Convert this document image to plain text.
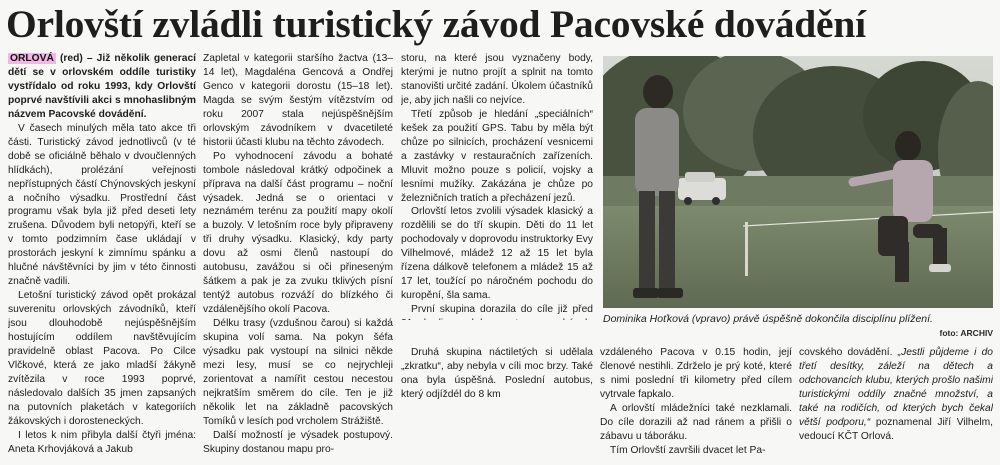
Orlovští zvládli turistický závod Pacovské dovádění

ORLOVÁ (red) – Již několik generací dětí se v orlovském oddíle turistiky vystřídalo od roku 1993, kdy Orlovští poprvé navštívili akci s mnohaslibným názvem Pacovské dovádění.

V časech minulých měla tato akce tři části. Turistický závod jednotlivců (v té době se oficiálně běhalo v dvoučlenných hlídkách), prolézání veřejnosti nepřístupných částí Chýnovských jeskyní a nočního výsadku. Prostřední část programu však byla již před deseti lety zrušena. Důvodem byli netopýři, kteří se v tomto podzimním čase ukládají v prostorách jeskyní k zimnímu spánku a hlučné návštěvníci by jim v této činnosti značně vadili.

Letošní turistický závod opět prokázal suverenitu orlovských závodníků, kteří jsou dlouhodobě nejúspěšnějším hostujícím oddílem navštěvujícím pravidelně oblast Pacova. Po Cilce Vlčkové, která ze jako mladší žákyně zvítězila v roce 1993 poprvé, následovalo dalších 35 jmen zapsaných na putovních plaketách v kategoriích žákovských i dorosteneckých.

I letos k nim přibyla další čtyři jména: Aneta Krhovjáková a Jakub

Zapletal v kategorii staršího žactva (13–14 let), Magdaléna Gencová a Ondřej Genco v kategorii dorostu (15–18 let). Magda se svým šestým vítězstvím od roku 2007 stala nejúspěšnějším orlovským závodníkem v dvacetileté historii účasti klubu na těchto závodech.

Po vyhodnocení závodu a bohaté tombole následoval krátký odpočinek a příprava na další část programu – noční výsadek. Jedná se o orientaci v neznámém terénu za použití mapy okolí a buzoly. V letošním roce byly připraveny tři druhy výsadku. Klasický, kdy party dovu až osmi členů nastoupí do autobusu, zavážou si oči přineseným šátkem a pak je za zvuku tklivých písní tentýž autobus rozváží do blízkého či vzdálenějšího okolí Pacova.

Délku trasy (vzdušnou čarou) si každá skupina volí sama. Na pokyn šéfa výsadku pak vystoupí na silnici někde mezi lesy, musí se co nejrychleji zorientovat a namířit cestou necestou nejkratším směrem do cíle. Ten je již několik let na základně pacovských Tomíků v lesích pod vrcholem Strážiště.

Další možností je výsadek postupový. Skupiny dostanou mapu pro-

storu, na které jsou vyznačeny body, kterými je nutno projít a splnit na tomto stanovišti určité zadání. Úkolem účastníků je, aby jich našli co nejvíce.

Třetí způsob je hledání „speciálních“ kešek za použití GPS. Tabu by měla být chůze po silnicích, procházení vesnicemi a zastávky v restauračních zařízeních. Mluvit možno pouze s policií, vojsky a lesními mužíky. Zakázána je chůze po železničních tratích a přecházení jezů.

Orlovští letos zvolili výsadek klasický a rozdělili se do tří skupin. Děti do 11 let pochodovaly v doprovodu instruktorky Evy Vilhelmové, mládež 12 až 15 let byla řízena dálkově telefonem a mládež 15 až 17 let, toužící po náročném pochodu do kuropění, šla sama.

První skupina dorazila do cíle již před

Druhá skupina náctiletých si udělala „zkratku“, aby nebyla v cíli moc brzy. Také ona byla úspěšná. Poslední autobus, který odjíždél do 8 km

Dominika Hoťková (vpravo) právě úspěšně dokončila disciplínu plížení.
foto: ARCHIV

vzdáleného Pacova v 0.15 hodin, její členové nestihli. Zdrželo je prý koté, které s nimi poslední tři kilometry před cílem vytrvale fapkalo.

A orlovští mládežníci také nezklamali. Do cíle dorazili až nad ránem a přišli o zábavu u táboráku.

Tím Orlovští završili dvacet let Pa-

covského dovádění. „Jestli půjdeme i do třetí desítky, záleží na dětech a odchovancích klubu, kterých prošlo našimi turistickými oddíly značné množství, a také na rodičích, od kterých bych čekal větší podporu,“ poznamenal Jiří Vilhelm, vedoucí KČT Orlová.
